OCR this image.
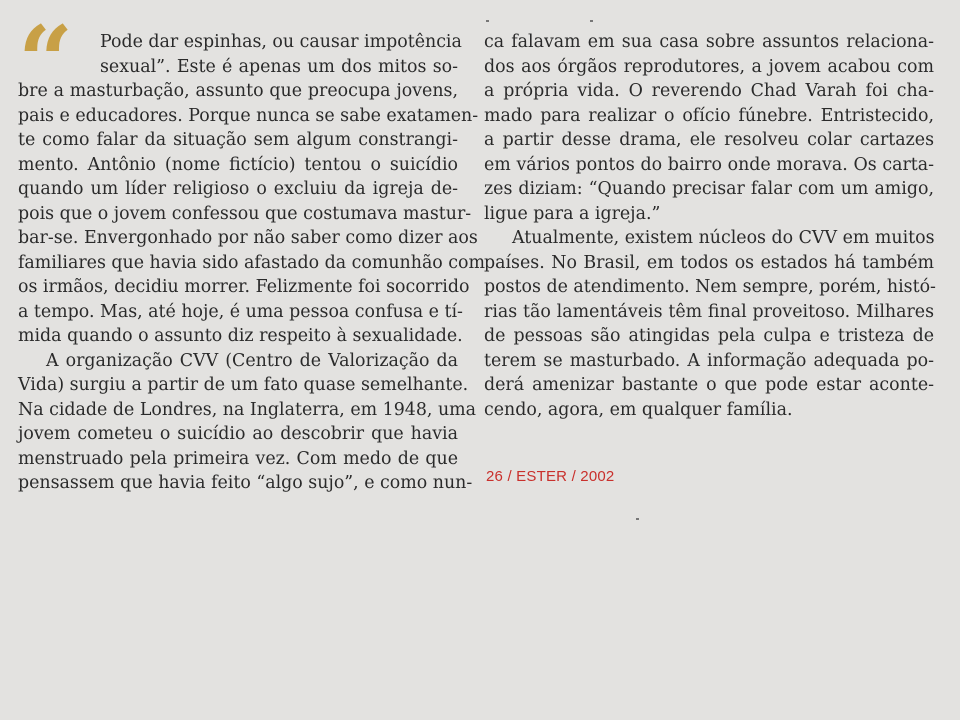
“	Pode dar espinhas, ou causar impotência
sexual”. Este é apenas um dos mitos so-
bre a masturbação, assunto que preocupa jovens,
pais e educadores. Porque nunca se sabe exatamen-
te como falar da situação sem algum constrangi-
mento. Antônio (nome fictício) tentou o suicídio
quando um líder religioso o excluiu da igreja de-
pois que o jovem confessou que costumava mastur-
bar-se. Envergonhado por não saber como dizer aos
familiares que havia sido afastado da comunhão com
os irmãos, decidiu morrer. Felizmente foi socorrido
a tempo. Mas, até hoje, é uma pessoa confusa e tí-
mida quando o assunto diz respeito à sexualidade.
A organização CVV (Centro de Valorização da
Vida) surgiu a partir de um fato quase semelhante.
Na cidade de Londres, na Inglaterra, em 1948, uma
jovem cometeu o suicídio ao descobrir que havia
menstruado pela primeira vez. Com medo de que
pensassem que havia feito “algo sujo”, e como nun-
ca falavam em sua casa sobre assuntos relaciona-
dos aos órgãos reprodutores, a jovem acabou com
a própria vida. O reverendo Chad Varah foi cha-
mado para realizar o ofício fúnebre. Entristecido,
a partir desse drama, ele resolveu colar cartazes
em vários pontos do bairro onde morava. Os carta-
zes diziam: “Quando precisar falar com um amigo,
ligue para a igreja.”
Atualmente, existem núcleos do CVV em muitos
países. No Brasil, em todos os estados há também
postos de atendimento. Nem sempre, porém, histó-
rias tão lamentáveis têm final proveitoso. Milhares
de pessoas são atingidas pela culpa e tristeza de
terem se masturbado. A informação adequada po-
derá amenizar bastante o que pode estar aconte-
cendo, agora, em qualquer família.
26 / ESTER / 2002
